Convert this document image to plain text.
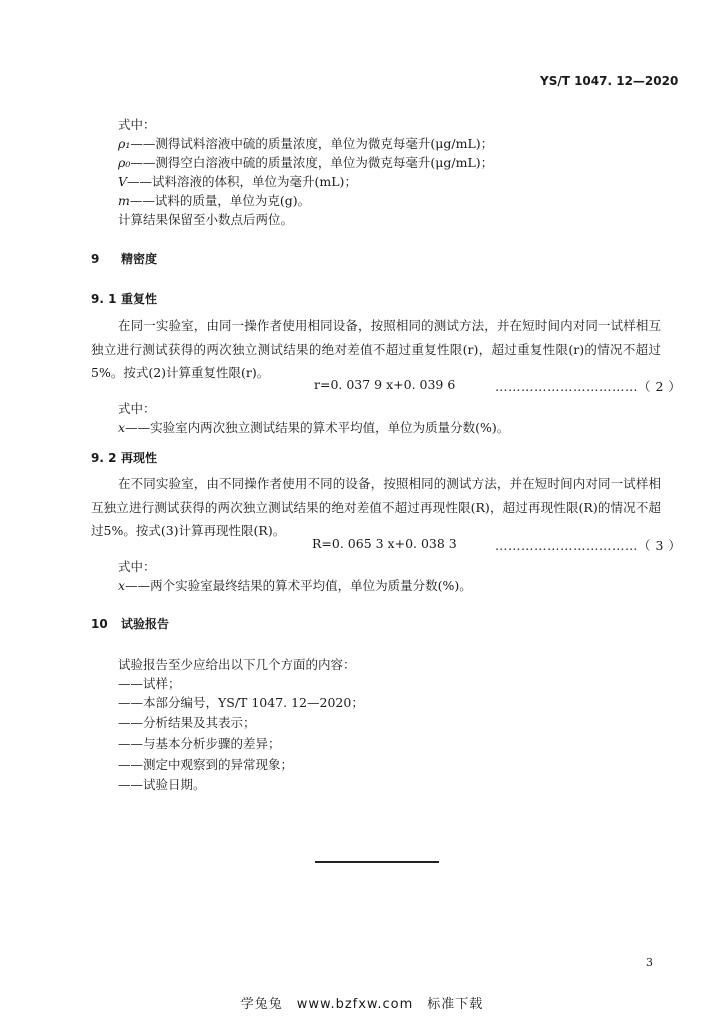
YS/T 1047. 12—2020
式中：
ρ₁——测得试料溶液中硫的质量浓度，单位为微克每毫升(μg/mL)；
ρ₀——测得空白溶液中硫的质量浓度，单位为微克每毫升(μg/mL)；
V——试料溶液的体积，单位为毫升(mL)；
m——试料的质量，单位为克(g)。
计算结果保留至小数点后两位。
9 精密度
9. 1 重复性
在同一实验室，由同一操作者使用相同设备，按照相同的测试方法，并在短时间内对同一试样相互独立进行测试获得的两次独立测试结果的绝对差值不超过重复性限(r)，超过重复性限(r)的情况不超过5%。按式(2)计算重复性限(r)。
r=0. 037 9 x+0. 039 6	……………………………（ 2 ）
式中：
x——实验室内两次独立测试结果的算术平均值，单位为质量分数(%)。
9. 2 再现性
在不同实验室，由不同操作者使用不同的设备，按照相同的测试方法，并在短时间内对同一试样相互独立进行测试获得的两次独立测试结果的绝对差值不超过再现性限(R)，超过再现性限(R)的情况不超过5%。按式(3)计算再现性限(R)。
R=0. 065 3 x+0. 038 3	……………………………（ 3 ）
式中：
x——两个实验室最终结果的算术平均值，单位为质量分数(%)。
10 试验报告
试验报告至少应给出以下几个方面的内容：
——试样；
——本部分编号，YS/T 1047. 12—2020；
——分析结果及其表示；
——与基本分析步骤的差异；
——测定中观察到的异常现象；
——试验日期。
3
学兔兔　www.bzfxw.com　标准下载
